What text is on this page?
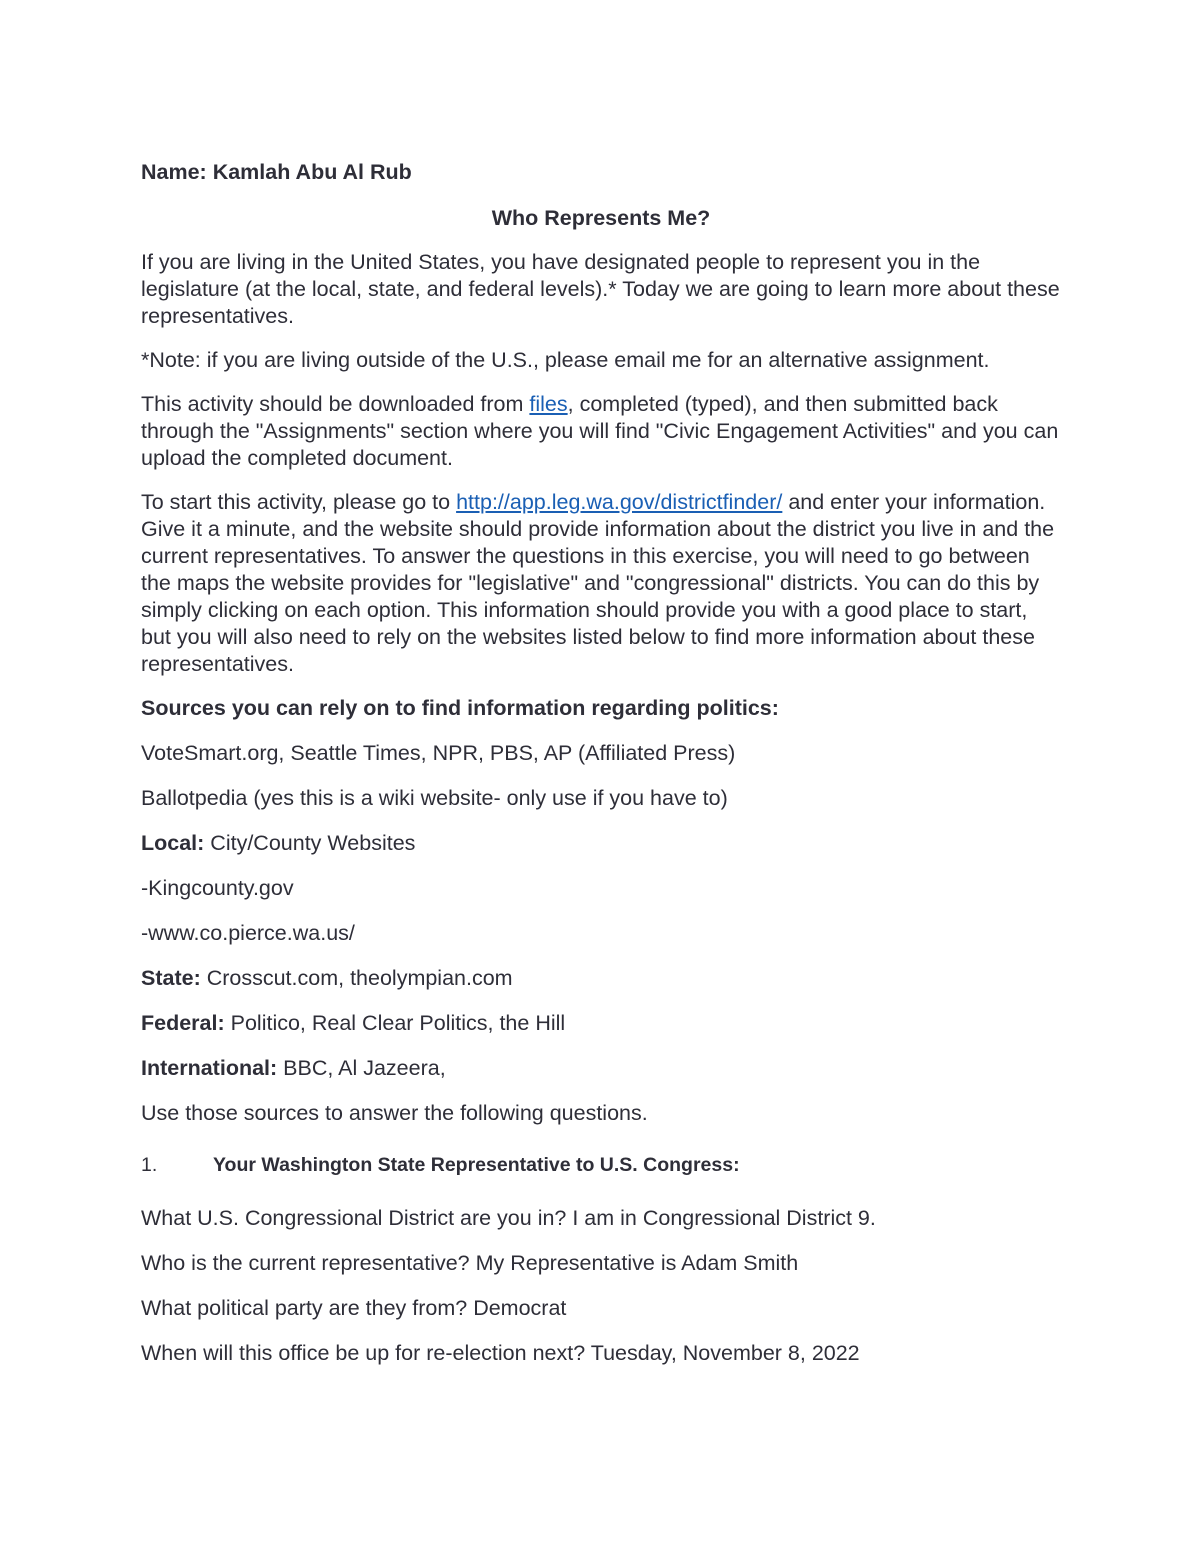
Name: Kamlah Abu Al Rub

Who Represents Me?

If you are living in the United States, you have designated people to represent you in the legislature (at the local, state, and federal levels).* Today we are going to learn more about these representatives.

*Note: if you are living outside of the U.S., please email me for an alternative assignment.

This activity should be downloaded from files, completed (typed), and then submitted back through the "Assignments" section where you will find "Civic Engagement Activities" and you can upload the completed document.

To start this activity, please go to http://app.leg.wa.gov/districtfinder/ and enter your information. Give it a minute, and the website should provide information about the district you live in and the current representatives. To answer the questions in this exercise, you will need to go between the maps the website provides for "legislative" and "congressional" districts. You can do this by simply clicking on each option. This information should provide you with a good place to start, but you will also need to rely on the websites listed below to find more information about these representatives.

Sources you can rely on to find information regarding politics:

VoteSmart.org, Seattle Times, NPR, PBS, AP (Affiliated Press)

Ballotpedia (yes this is a wiki website- only use if you have to)

Local: City/County Websites

-Kingcounty.gov

-www.co.pierce.wa.us/

State: Crosscut.com, theolympian.com

Federal: Politico, Real Clear Politics, the Hill

International: BBC, Al Jazeera,

Use those sources to answer the following questions.

1.	Your Washington State Representative to U.S. Congress:

What U.S. Congressional District are you in? I am in Congressional District 9.

Who is the current representative? My Representative is Adam Smith

What political party are they from? Democrat

When will this office be up for re-election next? Tuesday, November 8, 2022
